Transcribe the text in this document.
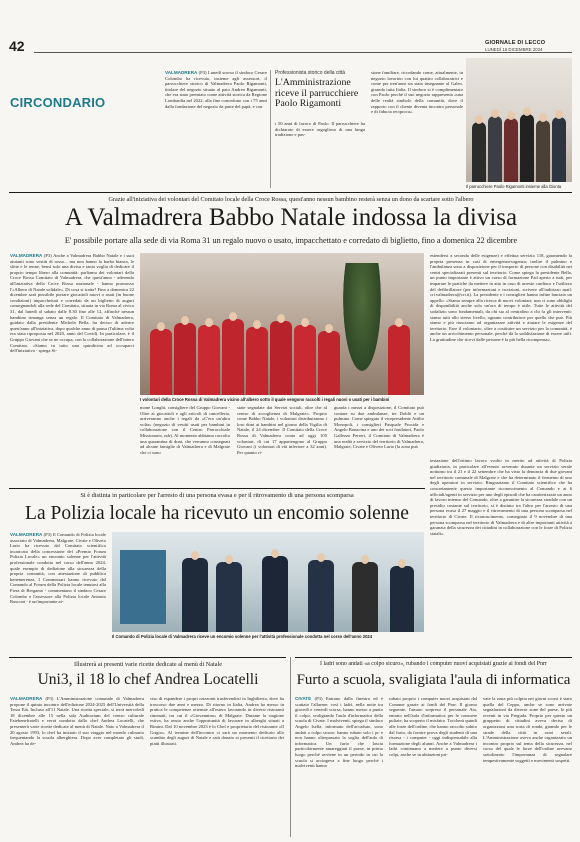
42	GIORNALE DI LECCO
LUNEDÌ 16 DICEMBRE 2024
CIRCONDARIO
VALMADRERA (P3) Lunedì scorso il sindaco Cesare Colombo ha ricevuto, insieme agli assessori, il parrucchiere storico di Valmadrera Paolo Rigamonti, titolare del negozio situato al paio Andrea Rigamonti, che era stato premiato come attività storica da Regione Lombardia nel 2022, alla fine concedono con i 75 anni dalla fondazione del negozio da parte del papà, e con
Professionista storico della città
L'Amministrazione riceve il parrucchiere Paolo Rigamonti
i 50 anni di lavoro di Paolo. Il parrucchiere ha dichiarato di essere orgoglioso di una lunga tradizione e pas-
sione familiare, ricordando come, attualmente, in negozio lavorino con lui quattro collaboratrici e come per tren'anni sia stato insegnante al Galeo, girando tutta Italia. Il sindaco si è complimentato con Paolo perché il suo negozio rappresenta «una delle realtà simbolo della comunità, dove il rapporto con il cliente diventa incontro personale e di fiducia reciproca».
Il parrucchiere Paolo Rigamonti insieme alla Giunta
Grazie all'iniziativa dei volontari del Comitato locale della Croce Rossa, quest'anno nessun bambino resterà senza un dono da scartare sotto l'albero
A Valmadrera Babbo Natale indossa la divisa
E' possibile portare alla sede di via Roma 31 un regalo nuovo o usato, impacchettato e corredato di biglietto, fino a domenica 22 dicembre
VALMADRERA (P3) Anche a Valmadrera Babbo Natale e i suoi aiutanti sono vestiti di rosso... ma non hanno la barba bianca, le slitte e le renne, bensì solo una divisa e tanta voglia di dedicare il proprio tempo libero alla comunità: parliamo dei volontari della Croce Rossa Comitato di Valmadrera, che quest'anno - aderendo all'iniziativa della Croce Rossa nazionale - hanno promosso l'«Albero di Natale solidale». Di cosa si tratta? Fino a domenica 22 dicembre sarà possibile portare giocattoli nuovi o usati (in buone condizioni) impacchettati e corredati da un biglietto di auguri consegnandoli alla sede del Comitato, situata in via Roma al civico 31, dal lunedì al sabato dalle 8.30 fino alle 12, affinché nessun bambino rimanga senza un regalo. Il Comitato di Valmadrera, guidato dalla presidente Michela Bella, ha deciso di aderire quest'anno all'iniziativa, dopo qualche anno di pausa (l'ultima volta era stata riproposta nel 2020, anno del Covid). In particolare, è il Gruppo Giovani che se ne occupa, con la collaborazione dell'intero Comitato. «Siamo in tutto una quindicina ad occuparci dell'iniziativa - spiega Si-
I volontari della Croce Rossa di Valmadrera vicino all'albero sotto il quale vengono raccolti i regali nuovi o usati per i bambini
mone Longhi, consigliere del Gruppo Giovani - Oltre ai giocattoli e agli articoli di cancelleria, arriveranno anche i regali da «C'era un'altra volta» (negozio di vestiti usati per bambini in collaborazione con il Centro Parrocchiale Missionario, ndr). Al momento abbiamo raccolto una quarantina di doni, che verranno consegnati ad alcune famiglie di Valmadrera e di Malgrate che ci sono
state segnalate dai Servizi sociali, oltre che al centro di accoglienza di Malgrate». Proprio come Babbo Natale, i volontari distribuiranno i loro doni ai bambini nel giorno della Vigilia di Natale, il 24 dicembre. Il Comitato della Croce Rossa di Valmadrera conta ad oggi 105 volontari, di cui 17 appartengono al Gruppo Giovani (i volontari di età inferiore a 32 anni). Per quanto ri-
guarda i mezzi a disposizione, il Comitato può contare su due ambulanze, tre Doblò e un pulmino. Come spiegato il vicepresidente Attilio Monopoli, i consiglieri Pasquale Procida e Angelo Bonacina e uno dei soci fondatori, Paolo Gallezzo Ferreri, il Comitato di Valmadrera è una realtà a servizio del territorio di Valmadrera, Malgrate, Civate e Oliveto Lario (la zona può
estendersi a seconda delle esigenze) e effettua servizio 118, garantendo la propria presenza in casi di emergenza-urgenza; inoltre il pulmino e l'ambulanza sono a disposizione per il trasporto di persone con disabilità nei centri specializzati presenti sul territorio. Come spiega la presidente Bella, un punto importante è attivo un corso di formazione Pad aperto a tutti, per imparare le pratiche da mettere in atto in caso di arresto cardiaco e l'utilizzo del defibrillatore (per informazioni e iscrizioni, scrivere all'indirizzo mail: cri.valmadrera@cri.it). La presidente e i consiglieri hanno infine lanciato un appello: «Siamo sempre alla ricerca di nuovi volontari; non ci sono obblighi di disponibilità anche solo un'ora di tempo è utile. Tutte le attività del sodalizio sono fondamentali, da chi sta al centralino a chi fa gli interventi: siamo tutti allo stesso livello, ognuno contribuisce per quello che può. Più siamo e più riusciamo ad organizzare attività e aiutare le esigenze del territorio. Fare il volontario, oltre a costituire un servizio per la comunità, è anche un arricchimento personale, perché dà la soddisfazione di essere utili. La gratitudine che ricevi dalle persone è la più bella ricompensa».
Si è distinta in particolare per l'arresto di una persona evasa e per il ritrovamento di una persona scomparsa
La Polizia locale ha ricevuto un encomio solenne
VALMADRERA (P3) Il Comando di Polizia locale associato di Valmadrera, Malgrate, Civate e Oliveto Lario ha ricevuto dal Comitato scientifico incaricato della concessione del «Premio Forum Polizia Locale» un encomio solenne per l'attività professionale condotta nel corso dell'anno 2024, quale esempio di dedizione alla sicurezza della propria comunità, con attestazione di pubblica benemerenza. I Commissari hanno ricevuto dal Comando al Forum della Polizia locale tenutosi alla Fiera di Bergamo - commentano il sindaco Cesare Colombo e l'assessore alla Polizia locale Antonio Rusconi - è un'importante at-
Il Comando di Polizia locale di Valmadrera riceve un encomio solenne per l'attività professionale condotta nel corso dell'anno 2024
testazione dell'ottimo lavoro svolto in merito ad attività di Polizia giudiziaria, in particolare all'evento avvenuto durante un servizio serale notturno tra il 21 e il 22 settembre che ha visto la denuncia di due giovani nel territorio comunale di Malgrate e che ha determinato il fermento di uno degli operatori in servizio. Ringraziamo il Comitato scientifico che ha concretamente questo importante riconoscimento al Comando e ai 6 ufficiali/agenti in servizio per uno degli episodi che ha caratterizzato un anno di lavoro intenso del Comando, oltre a garantire la sicurezza stradale con un presidio costante sul territorio, si è distinto tra l'altro per l'arresto di una persona evasa il 27 maggio e il ritrovamento di una persona scomparsa nel territorio di Civate. Il riconoscimento, consegnato il 9 novembre di una persona scomparsa nel territorio di Valmadrera e di altre importanti attività a garanzia della sicurezza dei cittadini in collaborazione con le forze di Polizia statali».
Illustrerà ai presenti varie ricette dedicate al menù di Natale
Uni3, il 18 lo chef Andrea Locatelli
VALMADRERA (P3) L'Amministrazione comunale di Valmadrera propone il quinto incontro dell'edizione 2024-2025 dell'Università della Terza Età. Incluso all'11 Natale. Una ricetta speciale, si terrà mercoledì 18 dicembre alle 15 nella sala Auditorium del centro culturale Fatebenefratelli e verrà condotto dallo chef Andrea Locatelli, che presenterà varie ricette dedicate al menù di Natale. Nato a Valmadrera il 20 agosto 1993, lo chef ha iniziato il suo viaggio nel mondo culinario frequentando la scuola alberghiera. Dopo aver completato gli studi, Andrea ha de-
ciso di espandere i propri orizzonti trasferendosi in Inghilterra, dove ha trascorso due anni e mezzo. Di ritorno in Italia, Andrea ha messo in pratica le competenze ottenute all'estero lavorando in diversi ristoranti rinomati, tra cui il «Giovannino» di Malgrate. Durante la stagione estiva, ha avuto anche l'opportunità di lavorare in alberghi situati a Rimini. Dal 10 novembre 2023 è lo Chef e proprietario del ristorante «Il Grigio». Al termine dell'incontro ci sarà un momento dedicato allo scambio degli auguri di Natale e sarà donato ai presenti il ricettario dei piatti illustrati.
I ladri sono andati «a colpo sicuro», rubando i computer nuovi acquistati grazie ai fondi del Pnrr
Furto a scuola, svaligiata l'aula di informatica
CIVATE (P3) Entrano dalla finestra ed è scattato l'allarme: così i ladri, nella notte tra giovedì e venerdì scorsa, hanno messo a punto il colpo, svaligiando l'aula d'informatica della scuola di Civate. I malviventi, spiega il sindaco Angelo Isella, informato dell'accaduto, sono andati a colpo sicuro: hanno rubato solo i pc e non hanno oltrepassato la soglia dell'aula di informatica. Un furto che lascia particolarmente amareggiati il paese, in primo luogo perché avviene in un periodo in cui la scuola si accingeva a fine luogo perché i malviventi hanno
rubato proprio i computer nuovi acquistati dal Comune grazie ai fondi del Pnrr. Il giorno seguente, l'amaro sorpreso il personale Ata, entrato nell'aula d'informatica per le consuete pulizie, ha scoperto il misfatto. Toccherà quindi alle forze dell'ordine, che hanno raccolto subito dal furto, da fornire prova degli studenti di una risorsa - i computer - oggi indispensabile alla formazione degli alunni. Anche a Valmadrera i ladri continuano a mettere a punto diversi colpi, anche se in abitazioni pri-
vate la zona più colpita nei giorni scorsi è stato quella del Ceppo, anche se sono arrivate segnalazioni da diverse zone del paese, le più recenti in via Preguda. Proprio per questo un gruppetto di cittadini aveva deciso di organizzarsi una sorta di ronda, girando per le strade della città in orari serali. L'Amministrazione aveva anche organizzato un incontro proprio sul tema della sicurezza, nel corso del quale le forze dell'ordine avevano sottolineato l'importanza di segnalare tempestivamente soggetti e movimenti sospetti.
